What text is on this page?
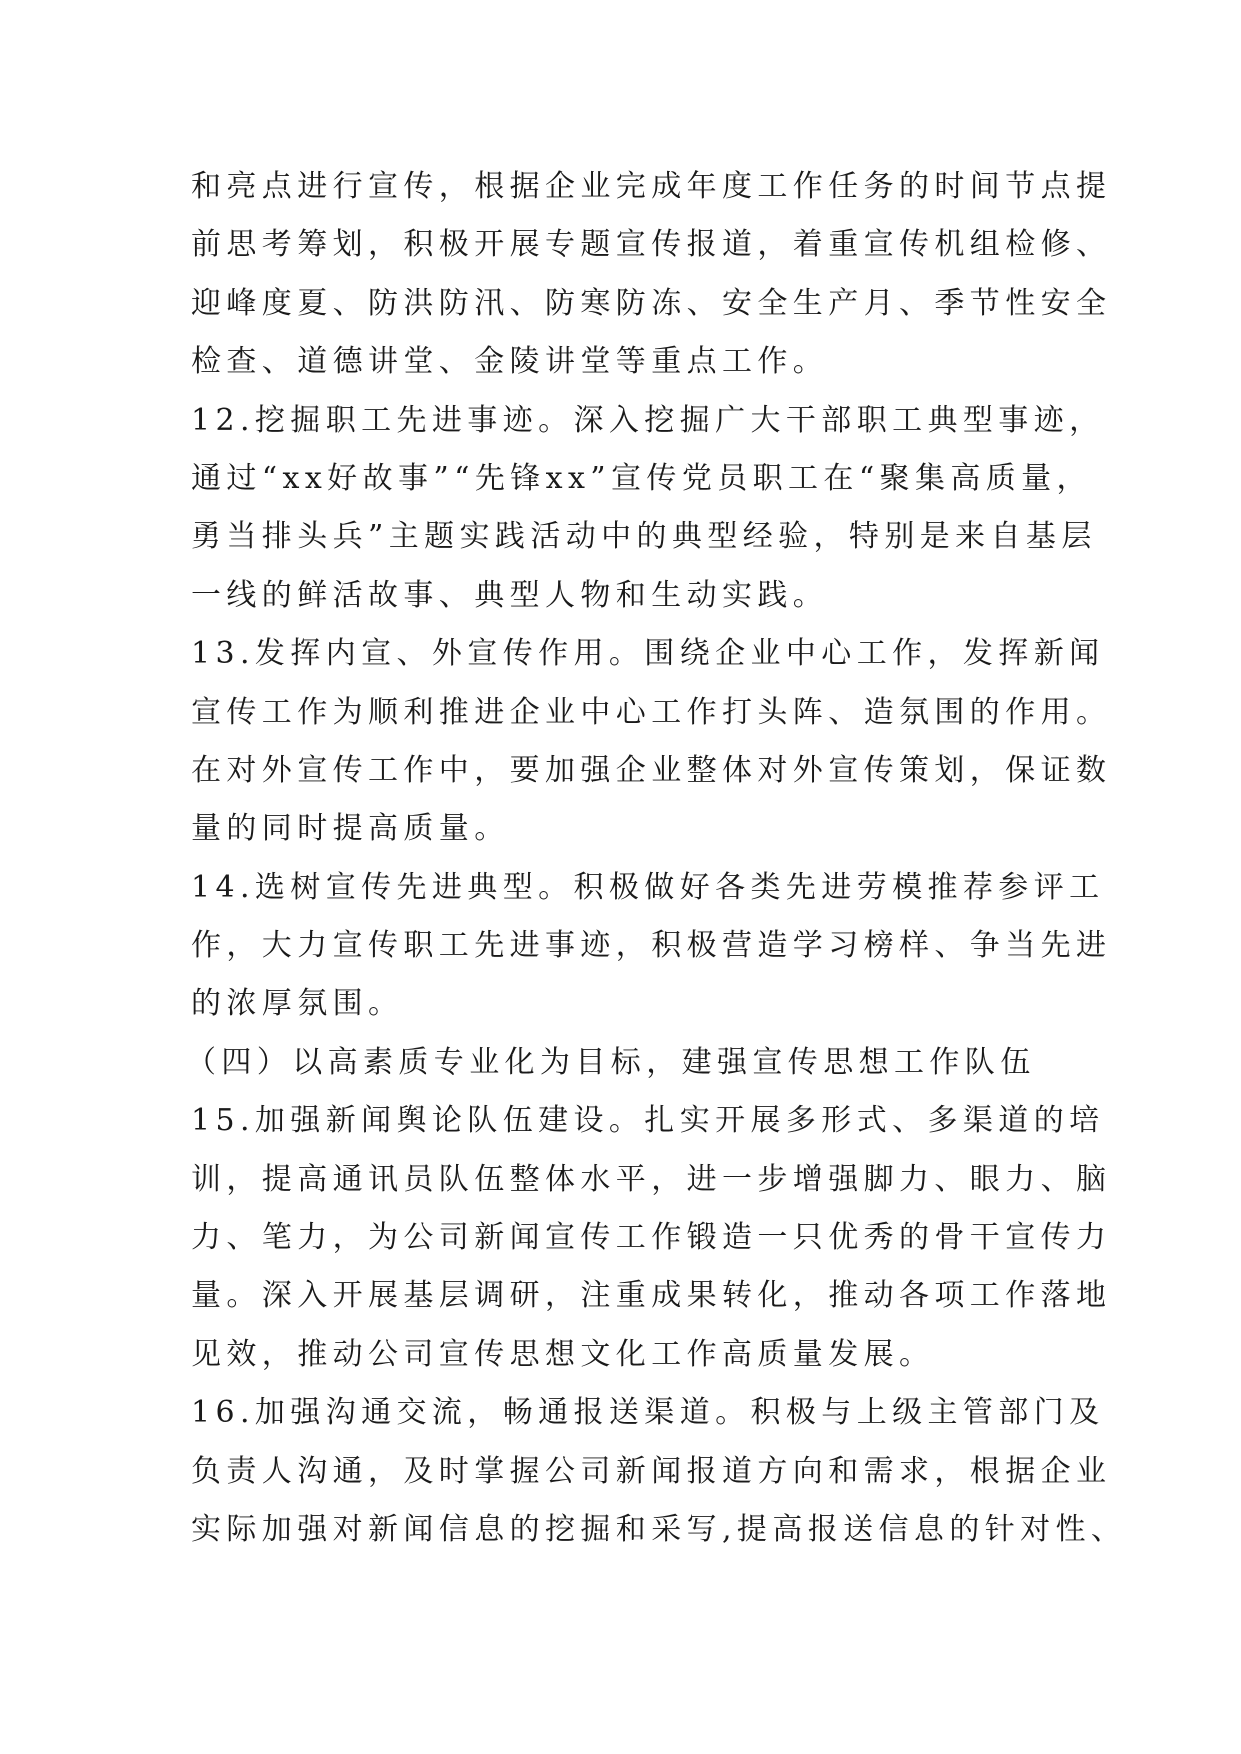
和亮点进行宣传，根据企业完成年度工作任务的时间节点提
前思考筹划，积极开展专题宣传报道，着重宣传机组检修、
迎峰度夏、防洪防汛、防寒防冻、安全生产月、季节性安全
检查、道德讲堂、金陵讲堂等重点工作。
12.挖掘职工先进事迹。深入挖掘广大干部职工典型事迹，
通过“xx好故事”“先锋xx”宣传党员职工在“聚集高质量，
勇当排头兵”主题实践活动中的典型经验，特别是来自基层
一线的鲜活故事、典型人物和生动实践。
13.发挥内宣、外宣传作用。围绕企业中心工作，发挥新闻
宣传工作为顺利推进企业中心工作打头阵、造氛围的作用。
在对外宣传工作中，要加强企业整体对外宣传策划，保证数
量的同时提高质量。
14.选树宣传先进典型。积极做好各类先进劳模推荐参评工
作，大力宣传职工先进事迹，积极营造学习榜样、争当先进
的浓厚氛围。
（四）以高素质专业化为目标，建强宣传思想工作队伍
15.加强新闻舆论队伍建设。扎实开展多形式、多渠道的培
训，提高通讯员队伍整体水平，进一步增强脚力、眼力、脑
力、笔力，为公司新闻宣传工作锻造一只优秀的骨干宣传力
量。深入开展基层调研，注重成果转化，推动各项工作落地
见效，推动公司宣传思想文化工作高质量发展。
16.加强沟通交流，畅通报送渠道。积极与上级主管部门及
负责人沟通，及时掌握公司新闻报道方向和需求，根据企业
实际加强对新闻信息的挖掘和采写,提高报送信息的针对性、
